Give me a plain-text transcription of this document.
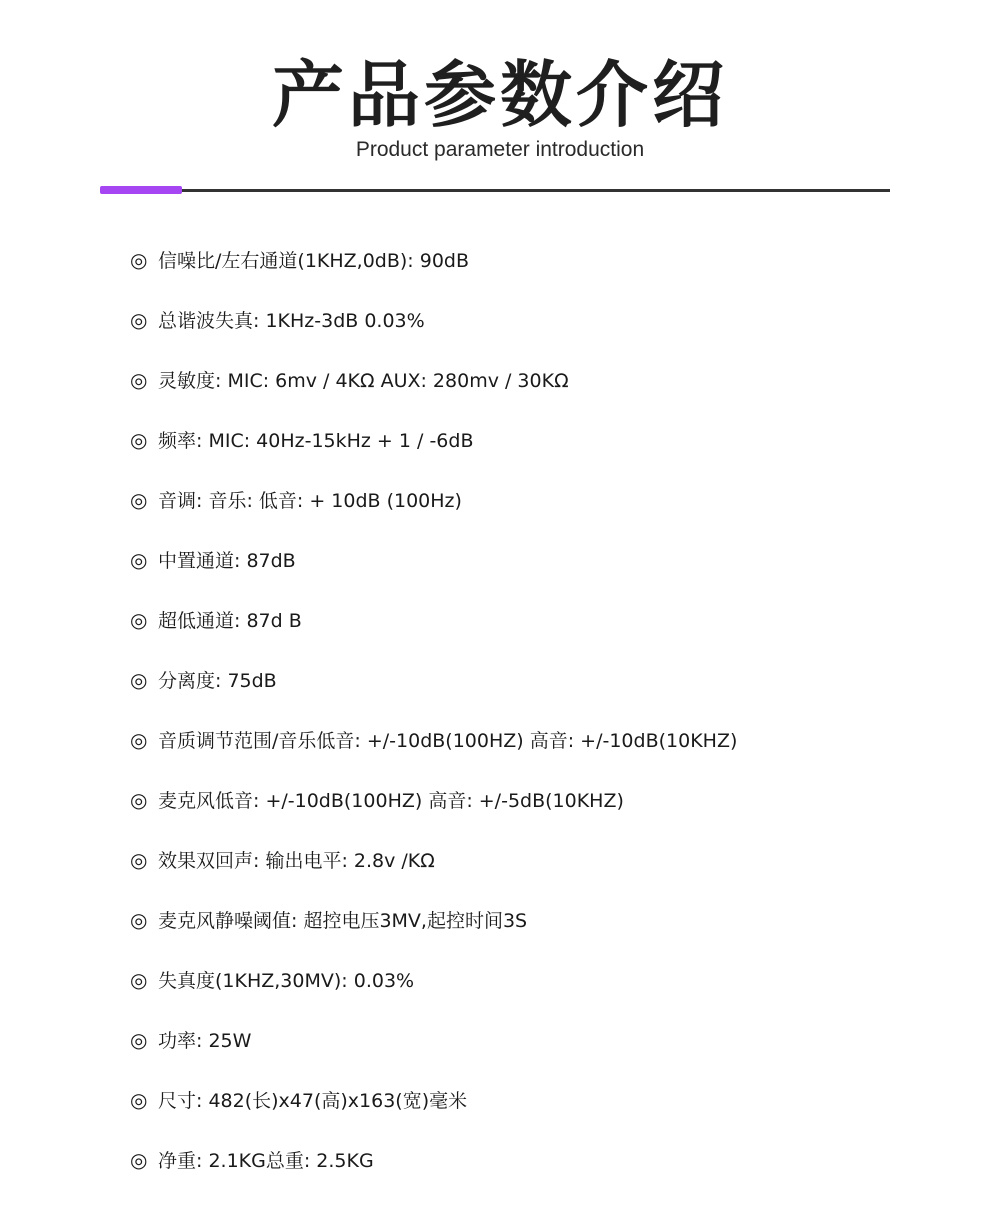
产品参数介绍
Product parameter introduction
◎ 信噪比/左右通道(1KHZ,0dB): 90dB
◎ 总谐波失真: 1KHz-3dB 0.03%
◎ 灵敏度: MIC: 6mv / 4KΩ AUX: 280mv / 30KΩ
◎ 频率: MIC: 40Hz-15kHz + 1 / -6dB
◎ 音调: 音乐: 低音: + 10dB (100Hz)
◎ 中置通道: 87dB
◎ 超低通道: 87d B
◎ 分离度: 75dB
◎ 音质调节范围/音乐低音: +/-10dB(100HZ) 高音: +/-10dB(10KHZ)
◎ 麦克风低音: +/-10dB(100HZ) 高音: +/-5dB(10KHZ)
◎ 效果双回声: 输出电平: 2.8v /KΩ
◎ 麦克风静噪阈值: 超控电压3MV,起控时间3S
◎ 失真度(1KHZ,30MV): 0.03%
◎ 功率: 25W
◎ 尺寸: 482(长)x47(高)x163(宽)毫米
◎ 净重: 2.1KG总重: 2.5KG
